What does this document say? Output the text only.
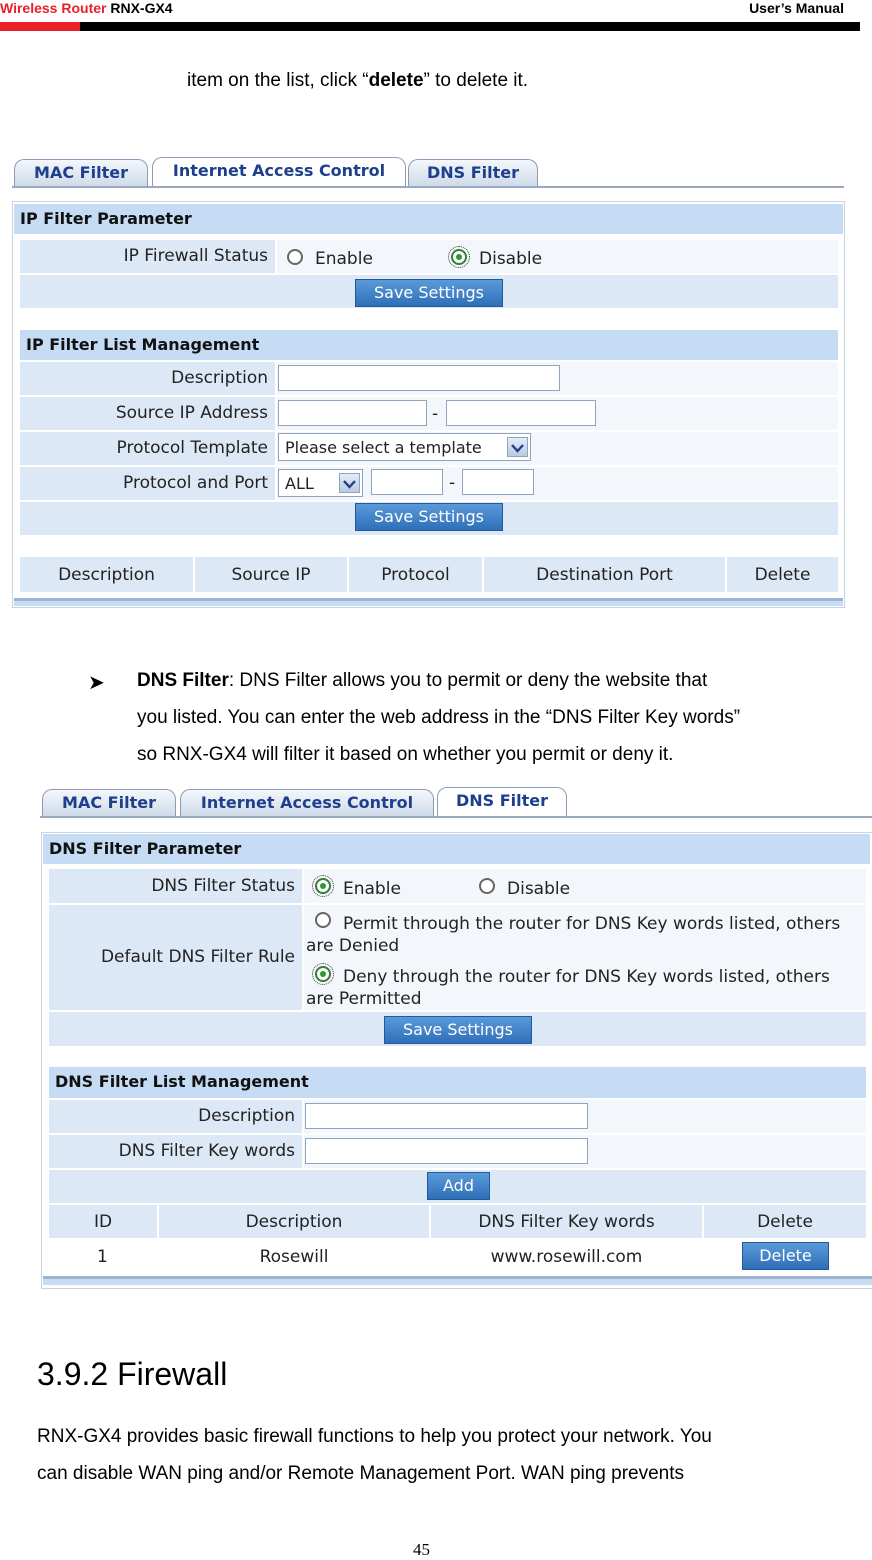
Wireless Router RNX-GX4	User’s Manual
item on the list, click “delete” to delete it.
MAC Filter	Internet Access Control	DNS Filter
IP Filter Parameter
IP Firewall Status	Enable	Disable
Save Settings
IP Filter List Management
Description
Source IP Address	-
Protocol Template	Please select a template
Protocol and Port	ALL	-
Save Settings
Description	Source IP	Protocol	Destination Port	Delete
➤ DNS Filter: DNS Filter allows you to permit or deny the website that
you listed. You can enter the web address in the “DNS Filter Key words”
so RNX-GX4 will filter it based on whether you permit or deny it.
MAC Filter	Internet Access Control	DNS Filter
DNS Filter Parameter
DNS Filter Status	Enable	Disable
Default DNS Filter Rule
Permit through the router for DNS Key words listed, others
are Denied
Deny through the router for DNS Key words listed, others
are Permitted
Save Settings
DNS Filter List Management
Description
DNS Filter Key words
Add
ID	Description	DNS Filter Key words	Delete
1	Rosewill	www.rosewill.com	Delete
3.9.2 Firewall
RNX-GX4 provides basic firewall functions to help you protect your network. You
can disable WAN ping and/or Remote Management Port. WAN ping prevents
45
